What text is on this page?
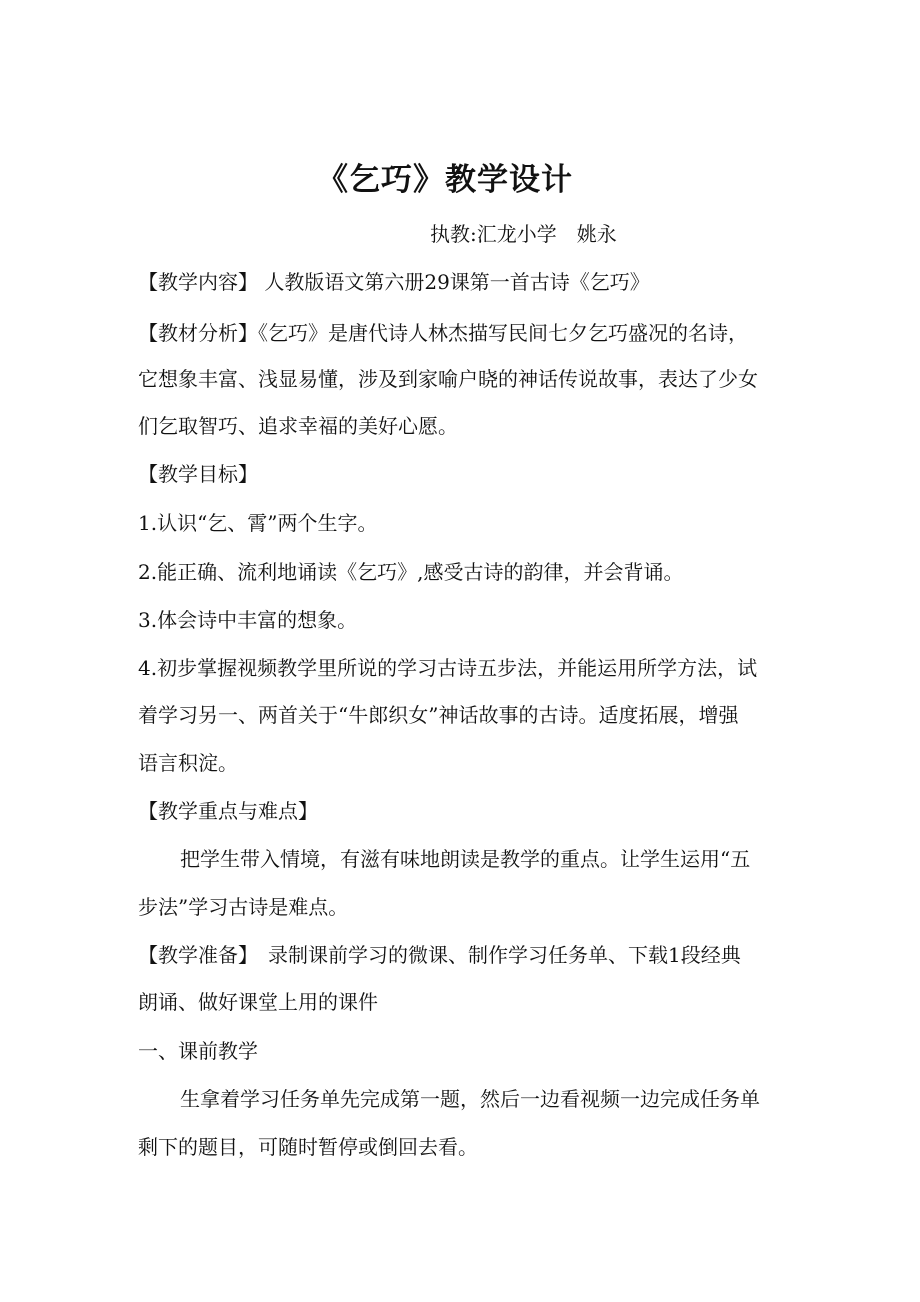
《乞巧》教学设计
执教:汇龙小学　姚永
【教学内容】 人教版语文第六册29课第一首古诗《乞巧》
【教材分析】《乞巧》是唐代诗人林杰描写民间七夕乞巧盛况的名诗，
它想象丰富、浅显易懂，涉及到家喻户晓的神话传说故事，表达了少女
们乞取智巧、追求幸福的美好心愿。
【教学目标】
1.认识“乞、霄”两个生字。
2.能正确、流利地诵读《乞巧》,感受古诗的韵律，并会背诵。
3.体会诗中丰富的想象。
4.初步掌握视频教学里所说的学习古诗五步法，并能运用所学方法，试
着学习另一、两首关于“牛郎织女”神话故事的古诗。适度拓展，增强
语言积淀。
【教学重点与难点】
把学生带入情境，有滋有味地朗读是教学的重点。让学生运用“五
步法”学习古诗是难点。
【教学准备】　录制课前学习的微课、制作学习任务单、下载1段经典
朗诵、做好课堂上用的课件
一、课前教学
生拿着学习任务单先完成第一题，然后一边看视频一边完成任务单
剩下的题目，可随时暂停或倒回去看。
